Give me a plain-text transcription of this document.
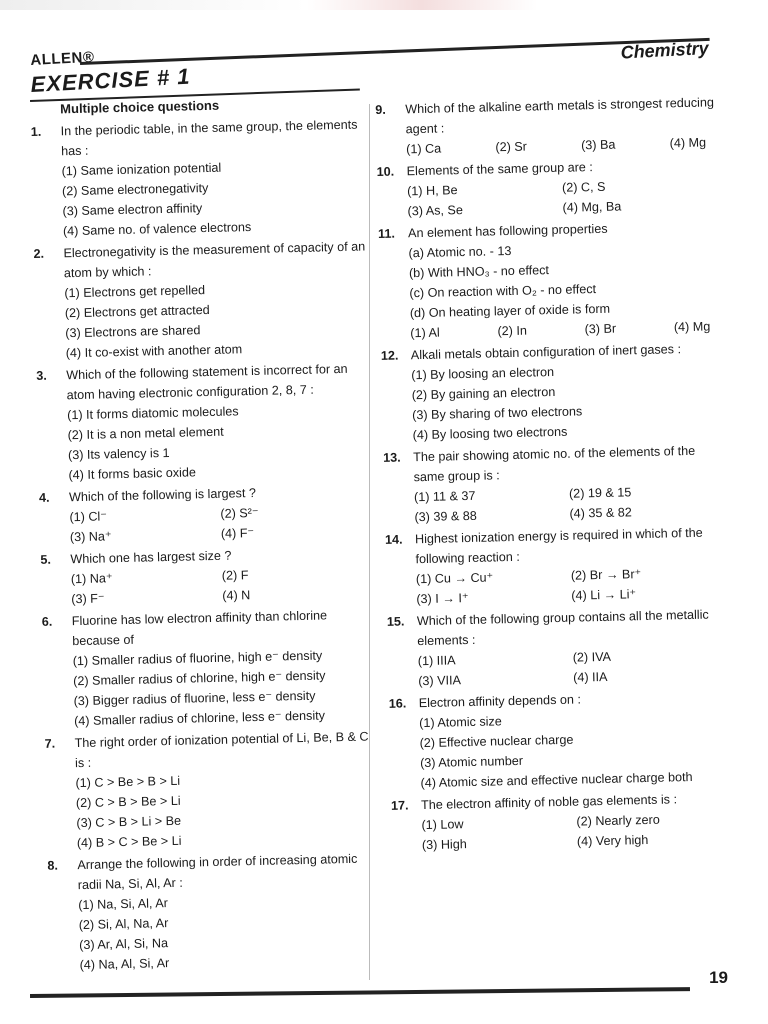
ALLEN®	Chemistry
EXERCISE # 1
Multiple choice questions
1.	In the periodic table, in the same group, the elements has :
(1) Same ionization potential
(2) Same electronegativity
(3) Same electron affinity
(4) Same no. of valence electrons
2.	Electronegativity is the measurement of capacity of an atom by which :
(1) Electrons get repelled
(2) Electrons get attracted
(3) Electrons are shared
(4) It co-exist with another atom
3.	Which of the following statement is incorrect for an atom having electronic configuration 2, 8, 7 :
(1) It forms diatomic molecules
(2) It is a non metal element
(3) Its valency is 1
(4) It forms basic oxide
4.	Which of the following is largest ?
(1) Cl⁻	(2) S²⁻
(3) Na⁺	(4) F⁻
5.	Which one has largest size ?
(1) Na⁺	(2) F
(3) F⁻	(4) N
6.	Fluorine has low electron affinity than chlorine because of
(1) Smaller radius of fluorine, high e⁻ density
(2) Smaller radius of chlorine, high e⁻ density
(3) Bigger radius of fluorine, less e⁻ density
(4) Smaller radius of chlorine, less e⁻ density
7.	The right order of ionization potential of Li, Be, B & C is :
(1) C > Be > B > Li
(2) C > B > Be > Li
(3) C > B > Li > Be
(4) B > C > Be > Li
8.	Arrange the following in order of increasing atomic radii Na, Si, Al, Ar :
(1) Na, Si, Al, Ar
(2) Si, Al, Na, Ar
(3) Ar, Al, Si, Na
(4) Na, Al, Si, Ar
9.	Which of the alkaline earth metals is strongest reducing agent :
(1) Ca	(2) Sr	(3) Ba	(4) Mg
10. Elements of the same group are :
(1) H, Be	(2) C, S
(3) As, Se	(4) Mg, Ba
11.	An element has following properties
(a) Atomic no. - 13
(b) With HNO₃ - no effect
(c) On reaction with O₂ - no effect
(d) On heating layer of oxide is form
(1) Al	(2) In	(3) Br	(4) Mg
12. Alkali metals obtain configuration of inert gases :
(1) By loosing an electron
(2) By gaining an electron
(3) By sharing of two electrons
(4) By loosing two electrons
13. The pair showing atomic no. of the elements of the same group is :
(1) 11 & 37	(2) 19 & 15
(3) 39 & 88	(4) 35 & 82
14. Highest ionization energy is required in which of the following reaction :
(1) Cu → Cu⁺	(2) Br → Br⁺
(3) I → I⁺	(4) Li → Li⁺
15. Which of the following group contains all the metallic elements :
(1) IIIA	(2) IVA
(3) VIIA	(4) IIA
16. Electron affinity depends on :
(1) Atomic size
(2) Effective nuclear charge
(3) Atomic number
(4) Atomic size and effective nuclear charge both
17. The electron affinity of noble gas elements is :
(1) Low	(2) Nearly zero
(3) High	(4) Very high
19
